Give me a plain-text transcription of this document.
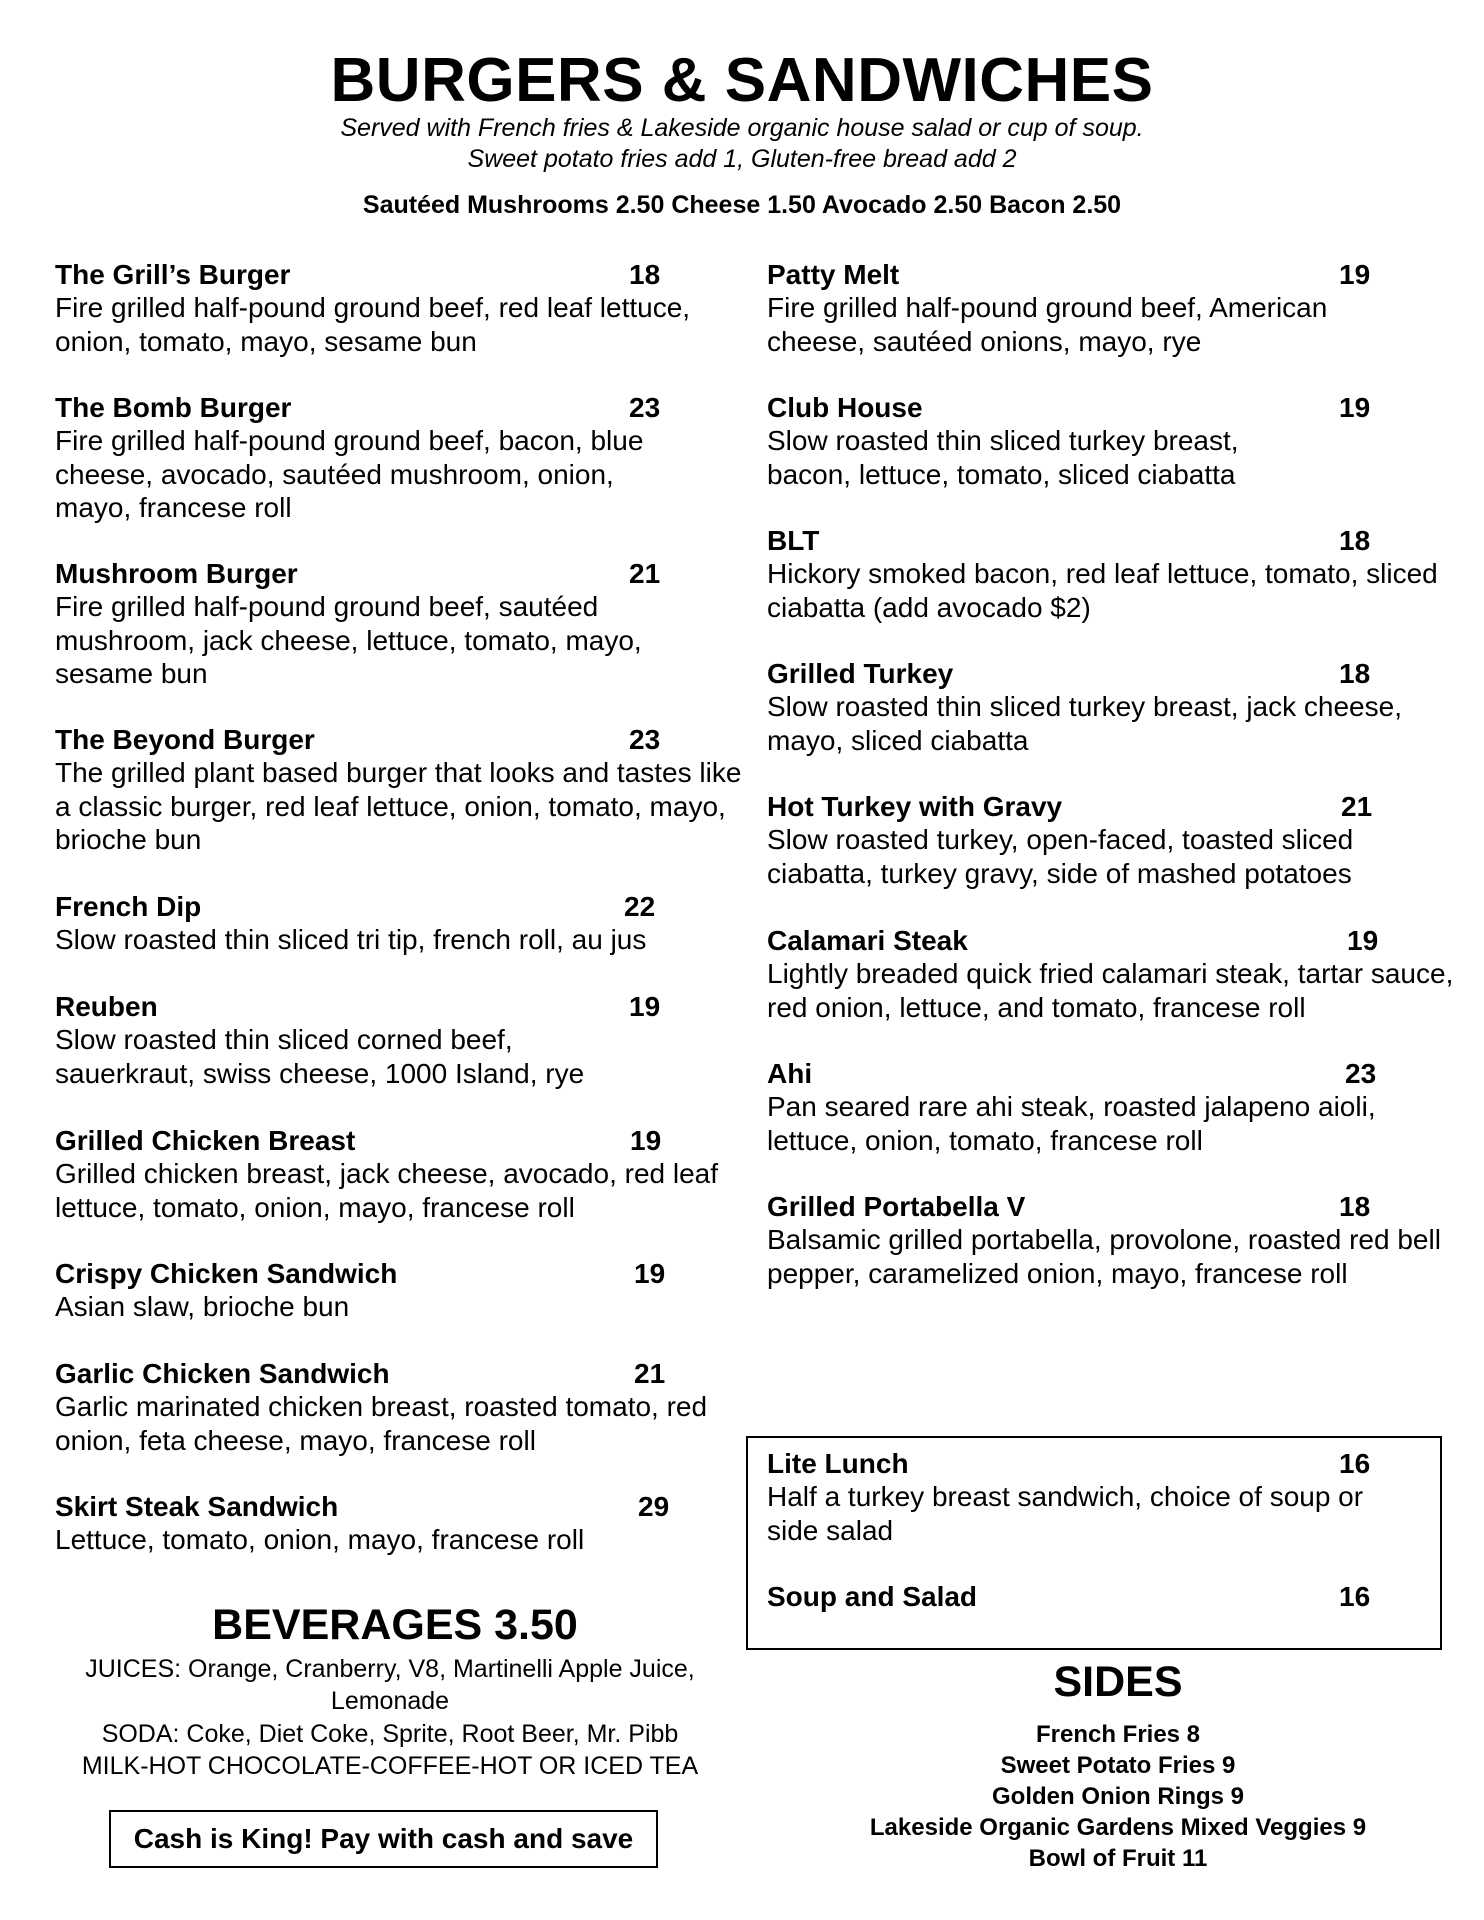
BURGERS & SANDWICHES
Served with French fries & Lakeside organic house salad or cup of soup.
Sweet potato fries add 1, Gluten-free bread add 2
Sautéed Mushrooms 2.50 Cheese 1.50 Avocado 2.50 Bacon 2.50
The Grill’s Burger	18
Fire grilled half-pound ground beef, red leaf lettuce, onion, tomato, mayo, sesame bun
The Bomb Burger	23
Fire grilled half-pound ground beef, bacon, blue cheese, avocado, sautéed mushroom, onion, mayo, francese roll
Mushroom Burger	21
Fire grilled half-pound ground beef, sautéed mushroom, jack cheese, lettuce, tomato, mayo, sesame bun
The Beyond Burger	23
The grilled plant based burger that looks and tastes like a classic burger, red leaf lettuce, onion, tomato, mayo, brioche bun
French Dip	22
Slow roasted thin sliced tri tip, french roll, au jus
Reuben	19
Slow roasted thin sliced corned beef, sauerkraut, swiss cheese, 1000 Island, rye
Grilled Chicken Breast	19
Grilled chicken breast, jack cheese, avocado, red leaf lettuce, tomato, onion, mayo, francese roll
Crispy Chicken Sandwich	19
Asian slaw, brioche bun
Garlic Chicken Sandwich	21
Garlic marinated chicken breast, roasted tomato, red onion, feta cheese, mayo, francese roll
Skirt Steak Sandwich	29
Lettuce, tomato, onion, mayo, francese roll
Patty Melt	19
Fire grilled half-pound ground beef, American cheese, sautéed onions, mayo, rye
Club House	19
Slow roasted thin sliced turkey breast, bacon, lettuce, tomato, sliced ciabatta
BLT	18
Hickory smoked bacon, red leaf lettuce, tomato, sliced ciabatta (add avocado $2)
Grilled Turkey	18
Slow roasted thin sliced turkey breast, jack cheese, mayo, sliced ciabatta
Hot Turkey with Gravy	21
Slow roasted turkey, open-faced, toasted sliced ciabatta, turkey gravy, side of mashed potatoes
Calamari Steak	19
Lightly breaded quick fried calamari steak, tartar sauce, red onion, lettuce, and tomato, francese roll
Ahi	23
Pan seared rare ahi steak, roasted jalapeno aioli, lettuce, onion, tomato, francese roll
Grilled Portabella V	18
Balsamic grilled portabella, provolone, roasted red bell pepper, caramelized onion, mayo, francese roll
Lite Lunch	16
Half a turkey breast sandwich, choice of soup or side salad
Soup and Salad	16
BEVERAGES 3.50
JUICES: Orange, Cranberry, V8, Martinelli Apple Juice,
Lemonade
SODA: Coke, Diet Coke, Sprite, Root Beer, Mr. Pibb
MILK-HOT CHOCOLATE-COFFEE-HOT OR ICED TEA
Cash is King! Pay with cash and save
SIDES
French Fries 8
Sweet Potato Fries 9
Golden Onion Rings 9
Lakeside Organic Gardens Mixed Veggies 9
Bowl of Fruit 11
